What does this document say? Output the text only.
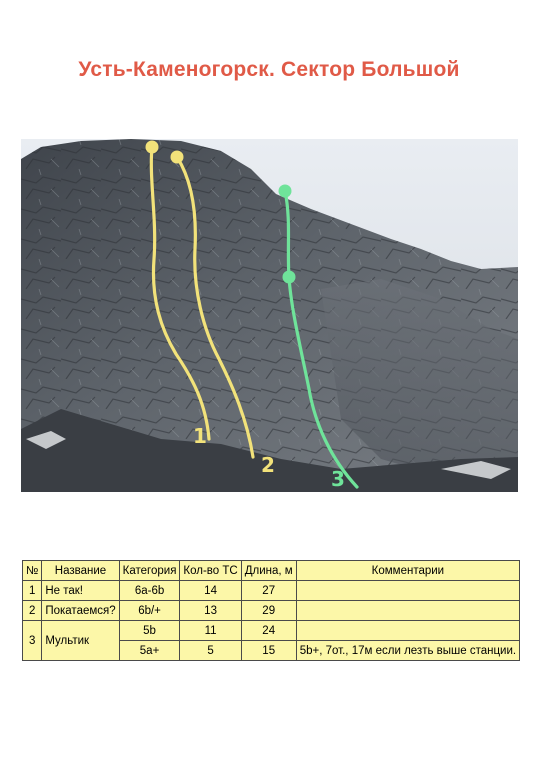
Усть-Каменогорск. Сектор Большой
1
2
3
№	Название	Категория	Кол-во ТС	Длина, м	Комментарии
1	Не так!	6a-6b	14	27	
2	Покатаемся?	6b/+	13	29	
3	Мультик	5b	11	24	
		5a+	5	15	5b+, 7от., 17м если лезть выше станции.
